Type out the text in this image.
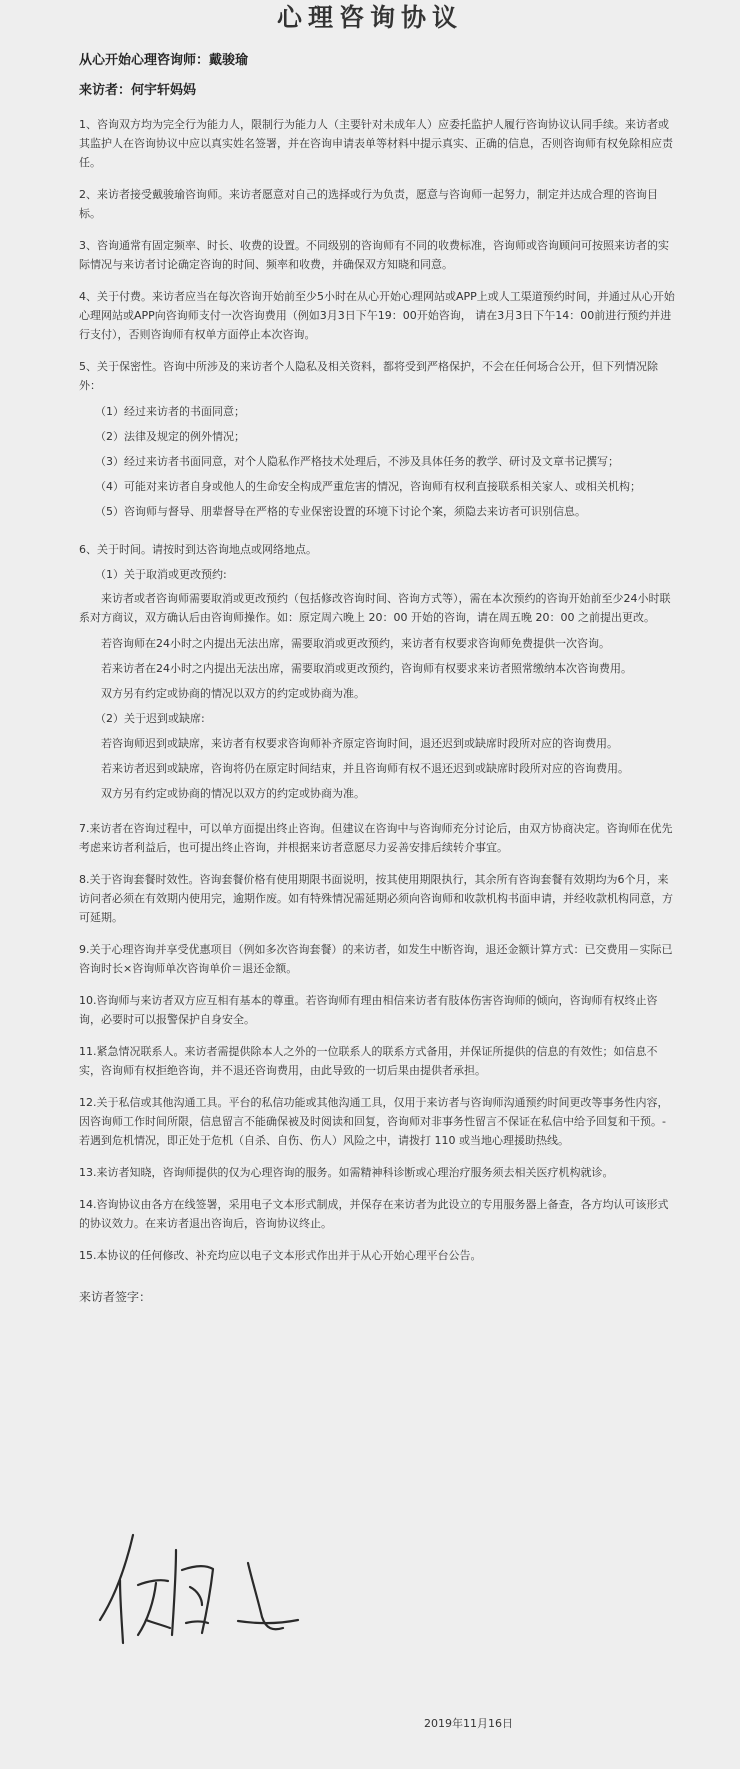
心理咨询协议
从心开始心理咨询师：戴骏瑜
来访者：何宇轩妈妈

1、咨询双方均为完全行为能力人，限制行为能力人（主要针对未成年人）应委托监护人履行咨询协议认同手续。来访者或其监护人在咨询协议中应以真实姓名签署，并在咨询申请表单等材料中提示真实、正确的信息，否则咨询师有权免除相应责任。

2、来访者接受戴骏瑜咨询师。来访者愿意对自己的选择或行为负责，愿意与咨询师一起努力，制定并达成合理的咨询目标。

3、咨询通常有固定频率、时长、收费的设置。不同级别的咨询师有不同的收费标准，咨询师或咨询顾问可按照来访者的实际情况与来访者讨论确定咨询的时间、频率和收费，并确保双方知晓和同意。

4、关于付费。来访者应当在每次咨询开始前至少5小时在从心开始心理网站或APP上或人工渠道预约时间，并通过从心开始心理网站或APP向咨询师支付一次咨询费用（例如3月3日下午19：00开始咨询， 请在3月3日下午14：00前进行预约并进行支付），否则咨询师有权单方面停止本次咨询。

5、关于保密性。咨询中所涉及的来访者个人隐私及相关资料，都将受到严格保护，不会在任何场合公开，但下列情况除外：

（1）经过来访者的书面同意；
（2）法律及规定的例外情况；
（3）经过来访者书面同意，对个人隐私作严格技术处理后，不涉及具体任务的教学、研讨及文章书记撰写；
（4）可能对来访者自身或他人的生命安全构成严重危害的情况，咨询师有权利直接联系相关家人、或相关机构；
（5）咨询师与督导、朋辈督导在严格的专业保密设置的环境下讨论个案，须隐去来访者可识别信息。
6、关于时间。请按时到达咨询地点或网络地点。
（1）关于取消或更改预约:

来访者或者咨询师需要取消或更改预约（包括修改咨询时间、咨询方式等），需在本次预约的咨询开始前至少24小时联系对方商议，双方确认后由咨询师操作。如：原定周六晚上 20：00 开始的咨询，请在周五晚 20：00 之前提出更改。

若咨询师在24小时之内提出无法出席，需要取消或更改预约，来访者有权要求咨询师免费提供一次咨询。
若来访者在24小时之内提出无法出席，需要取消或更改预约，咨询师有权要求来访者照常缴纳本次咨询费用。
双方另有约定或协商的情况以双方的约定或协商为准。
（2）关于迟到或缺席:
若咨询师迟到或缺席，来访者有权要求咨询师补齐原定咨询时间，退还迟到或缺席时段所对应的咨询费用。
若来访者迟到或缺席，咨询将仍在原定时间结束，并且咨询师有权不退还迟到或缺席时段所对应的咨询费用。
双方另有约定或协商的情况以双方的约定或协商为准。

7.来访者在咨询过程中，可以单方面提出终止咨询。但建议在咨询中与咨询师充分讨论后，由双方协商决定。咨询师在优先考虑来访者利益后，也可提出终止咨询，并根据来访者意愿尽力妥善安排后续转介事宜。

8.关于咨询套餐时效性。咨询套餐价格有使用期限书面说明，按其使用期限执行，其余所有咨询套餐有效期均为6个月，来访问者必须在有效期内使用完，逾期作废。如有特殊情况需延期必须向咨询师和收款机构书面申请，并经收款机构同意，方可延期。

9.关于心理咨询并享受优惠项目（例如多次咨询套餐）的来访者，如发生中断咨询，退还金额计算方式：已交费用－实际已咨询时长×咨询师单次咨询单价＝退还金额。

10.咨询师与来访者双方应互相有基本的尊重。若咨询师有理由相信来访者有肢体伤害咨询师的倾向，咨询师有权终止咨询，必要时可以报警保护自身安全。

11.紧急情况联系人。来访者需提供除本人之外的一位联系人的联系方式备用，并保证所提供的信息的有效性；如信息不实，咨询师有权拒绝咨询，并不退还咨询费用，由此导致的一切后果由提供者承担。

12.关于私信或其他沟通工具。平台的私信功能或其他沟通工具，仅用于来访者与咨询师沟通预约时间更改等事务性内容，因咨询师工作时间所限，信息留言不能确保被及时阅读和回复，咨询师对非事务性留言不保证在私信中给予回复和干预。- 若遇到危机情况，即正处于危机（自杀、自伤、伤人）风险之中，请拨打 110 或当地心理援助热线。

13.来访者知晓，咨询师提供的仅为心理咨询的服务。如需精神科诊断或心理治疗服务须去相关医疗机构就诊。

14.咨询协议由各方在线签署，采用电子文本形式制成，并保存在来访者为此设立的专用服务器上备查，各方均认可该形式的协议效力。在来访者退出咨询后，咨询协议终止。

15.本协议的任何修改、补充均应以电子文本形式作出并于从心开始心理平台公告。

来访者签字：
2019年11月16日
